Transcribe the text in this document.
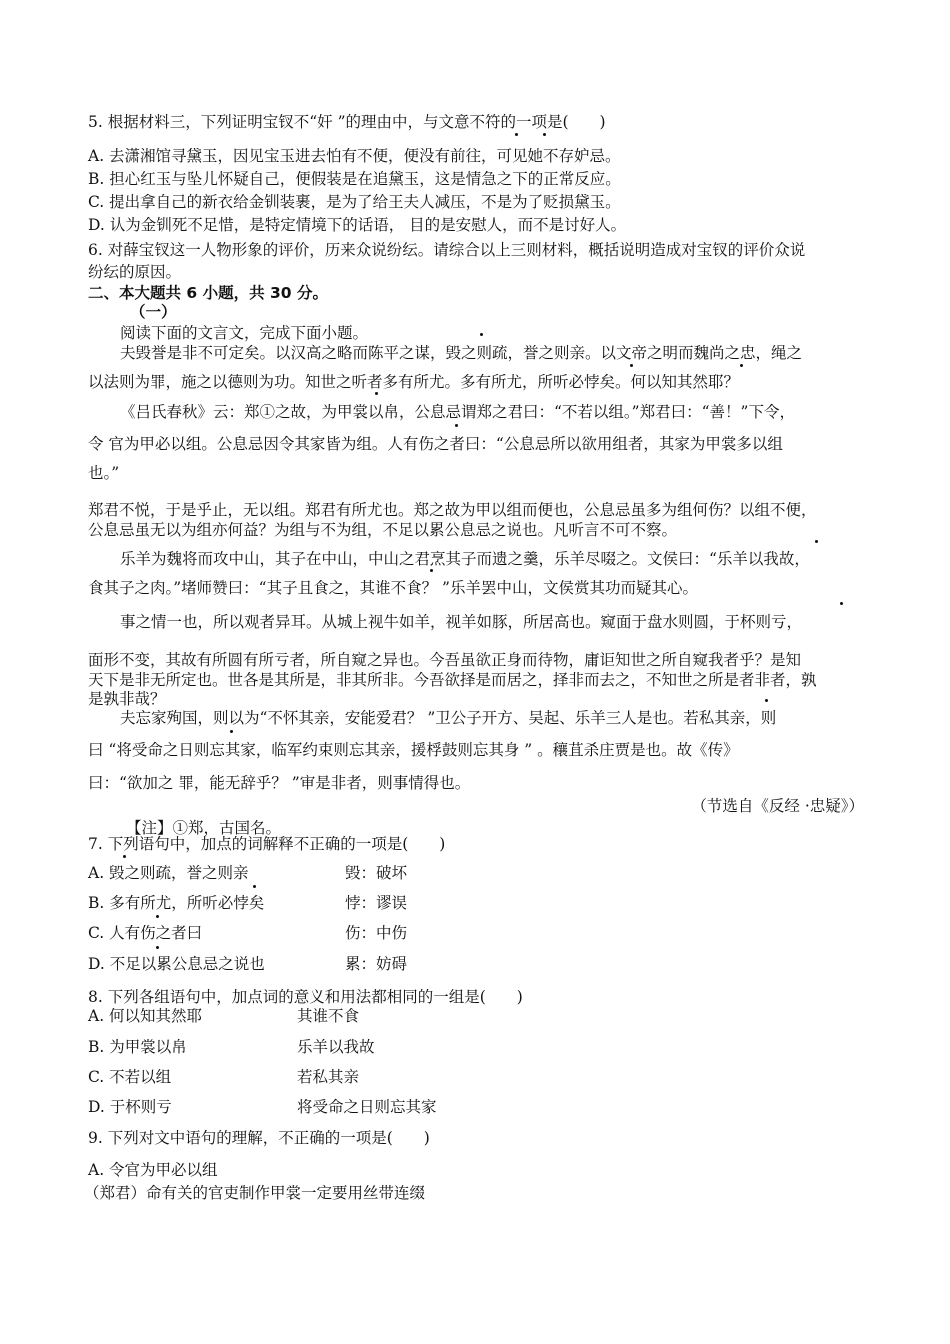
5. 根据材料三，下列证明宝钗不“奸 ”的理由中，与文意不符的一项是(　　)
A. 去潇湘馆寻黛玉，因见宝玉进去怕有不便，便没有前往，可见她不存妒忌。
B. 担心红玉与坠儿怀疑自己，便假装是在追黛玉，这是情急之下的正常反应。
C. 提出拿自己的新衣给金钏装裹，是为了给王夫人减压，不是为了贬损黛玉。
D. 认为金钏死不足惜，是特定情境下的话语， 目的是安慰人，而不是讨好人。
6. 对薛宝钗这一人物形象的评价，历来众说纷纭。请综合以上三则材料，概括说明造成对宝钗的评价众说
纷纭的原因。
二、本大题共 6 小题，共 30 分。
（一）
阅读下面的文言文，完成下面小题。
夫毁誉是非不可定矣。以汉高之略而陈平之谋，毁之则疏，誉之则亲。以文帝之明而魏尚之忠，绳之
以法则为罪，施之以德则为功。知世之听者多有所尤。多有所尤，所听必悖矣。何以知其然耶？
《吕氏春秋》云：郑①之故，为甲裳以帛，公息忌谓郑之君曰：“不若以组。”郑君曰：“善！”下令，
令 官为甲必以组。公息忌因令其家皆为组。人有伤之者曰：“公息忌所以欲用组者，其家为甲裳多以组
也。”
郑君不悦，于是乎止，无以组。郑君有所尤也。郑之故为甲以组而便也，公息忌虽多为组何伤？以组不便，
公息忌虽无以为组亦何益？为组与不为组，不足以累公息忌之说也。凡听言不可不察。
乐羊为魏将而攻中山，其子在中山，中山之君烹其子而遗之羹，乐羊尽啜之。文侯曰：“乐羊以我故，
食其子之肉。”堵师赞曰：“其子且食之，其谁不食？ ”乐羊罢中山，文侯赏其功而疑其心。
事之情一也，所以观者异耳。从城上视牛如羊，视羊如豚，所居高也。窥面于盘水则圆，于杯则亏，
面形不变，其故有所圆有所亏者，所自窥之异也。今吾虽欲正身而待物，庸讵知世之所自窥我者乎？是知
天下是非无所定也。世各是其所是，非其所非。今吾欲择是而居之，择非而去之，不知世之所是者非者，孰
是孰非哉？
夫忘家殉国，则以为“不怀其亲，安能爱君？ ”卫公子开方、吴起、乐羊三人是也。若私其亲，则
曰 “将受命之日则忘其家，临军约束则忘其亲，援桴鼓则忘其身 ” 。穰苴杀庄贾是也。故《传》
曰：“欲加之 罪，能无辞乎？ ”审是非者，则事情得也。
（节选自《反经 ·忠疑》）
【注】①郑，古国名。
7. 下列语句中，加点的词解释不正确的一项是(　　)
A. 毁之则疏，誉之则亲	毁：破坏
B. 多有所尤，所听必悖矣	悖：谬误
C. 人有伤之者曰	伤：中伤
D. 不足以累公息忌之说也	累：妨碍
8. 下列各组语句中，加点词的意义和用法都相同的一组是(　　)
A. 何以知其然耶	其谁不食
B. 为甲裳以帛	乐羊以我故
C. 不若以组	若私其亲
D. 于杯则亏	将受命之日则忘其家
9. 下列对文中语句的理解，不正确的一项是(　　)
A. 令官为甲必以组
（郑君）命有关的官吏制作甲裳一定要用丝带连缀
